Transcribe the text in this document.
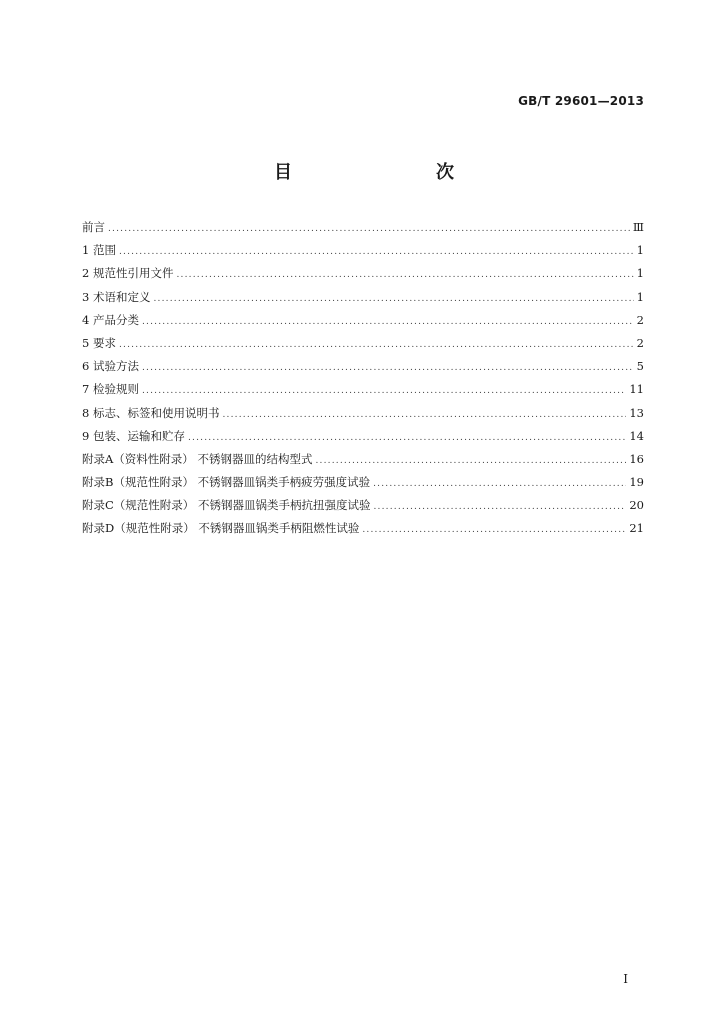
GB/T 29601—2013
目　　次
前言 .....	Ⅲ
1 范围 .....	1
2 规范性引用文件 .....	1
3 术语和定义 .....	1
4 产品分类 .....	2
5 要求 .....	2
6 试验方法 .....	5
7 检验规则 .....	11
8 标志、标签和使用说明书 .....	13
9 包装、运输和贮存 .....	14
附录A（资料性附录） 不锈钢器皿的结构型式 .....	16
附录B（规范性附录） 不锈钢器皿锅类手柄疲劳强度试验 .....	19
附录C（规范性附录） 不锈钢器皿锅类手柄抗扭强度试验 .....	20
附录D（规范性附录） 不锈钢器皿锅类手柄阻燃性试验 .....	21
Ⅰ
